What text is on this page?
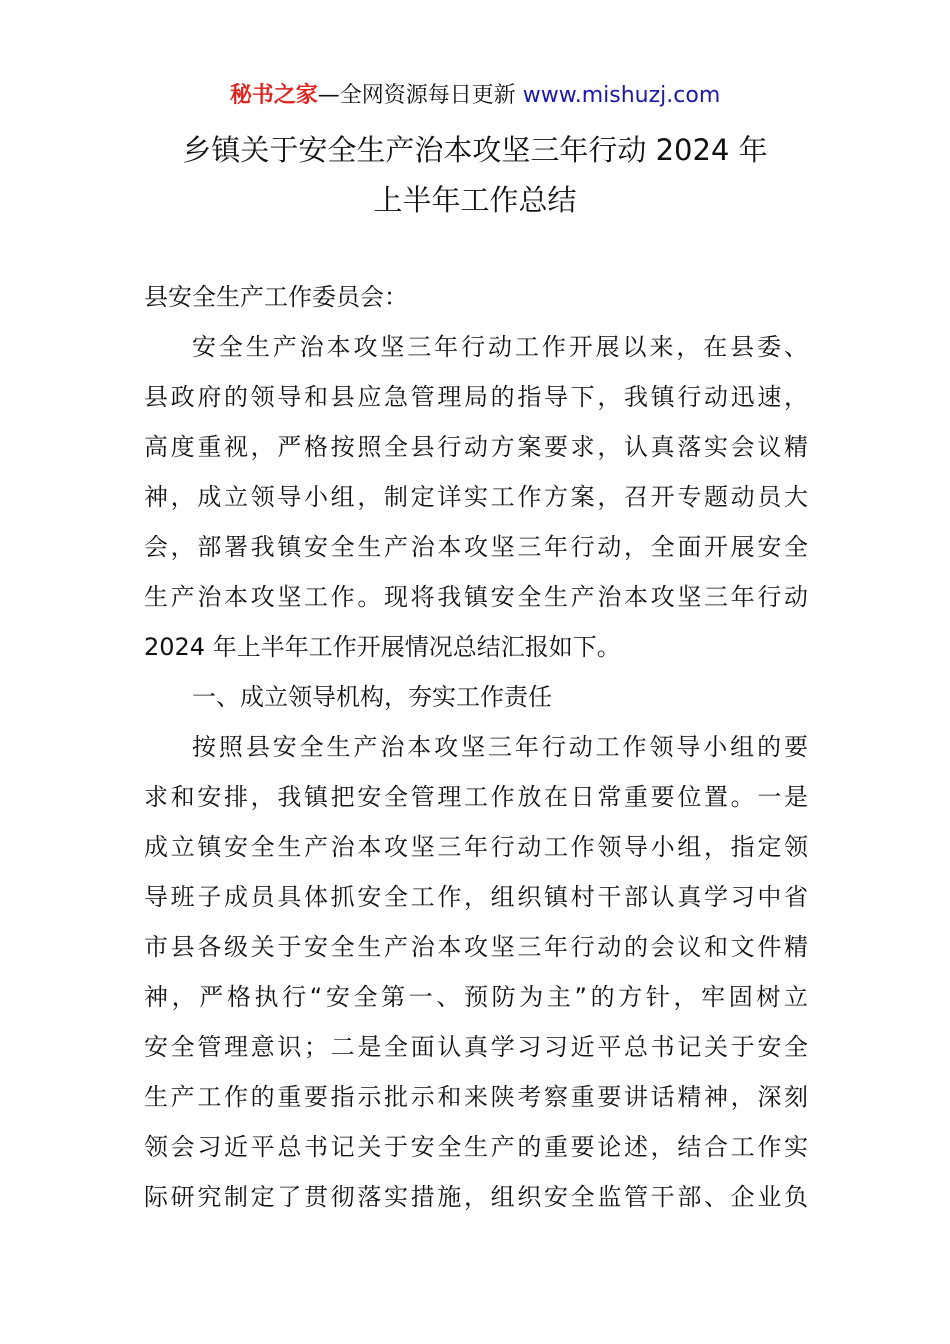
秘书之家—全网资源每日更新 www.mishuzj.com
乡镇关于安全生产治本攻坚三年行动 2024 年
上半年工作总结

县安全生产工作委员会：

安全生产治本攻坚三年行动工作开展以来，在县委、
县政府的领导和县应急管理局的指导下，我镇行动迅速，
高度重视，严格按照全县行动方案要求，认真落实会议精
神，成立领导小组，制定详实工作方案，召开专题动员大
会，部署我镇安全生产治本攻坚三年行动，全面开展安全
生产治本攻坚工作。现将我镇安全生产治本攻坚三年行动
2024 年上半年工作开展情况总结汇报如下。
一、成立领导机构，夯实工作责任
按照县安全生产治本攻坚三年行动工作领导小组的要
求和安排，我镇把安全管理工作放在日常重要位置。一是
成立镇安全生产治本攻坚三年行动工作领导小组，指定领
导班子成员具体抓安全工作，组织镇村干部认真学习中省
市县各级关于安全生产治本攻坚三年行动的会议和文件精
神，严格执行“安全第一、预防为主”的方针，牢固树立
安全管理意识；二是全面认真学习习近平总书记关于安全
生产工作的重要指示批示和来陕考察重要讲话精神，深刻
领会习近平总书记关于安全生产的重要论述，结合工作实
际研究制定了贯彻落实措施，组织安全监管干部、企业负
